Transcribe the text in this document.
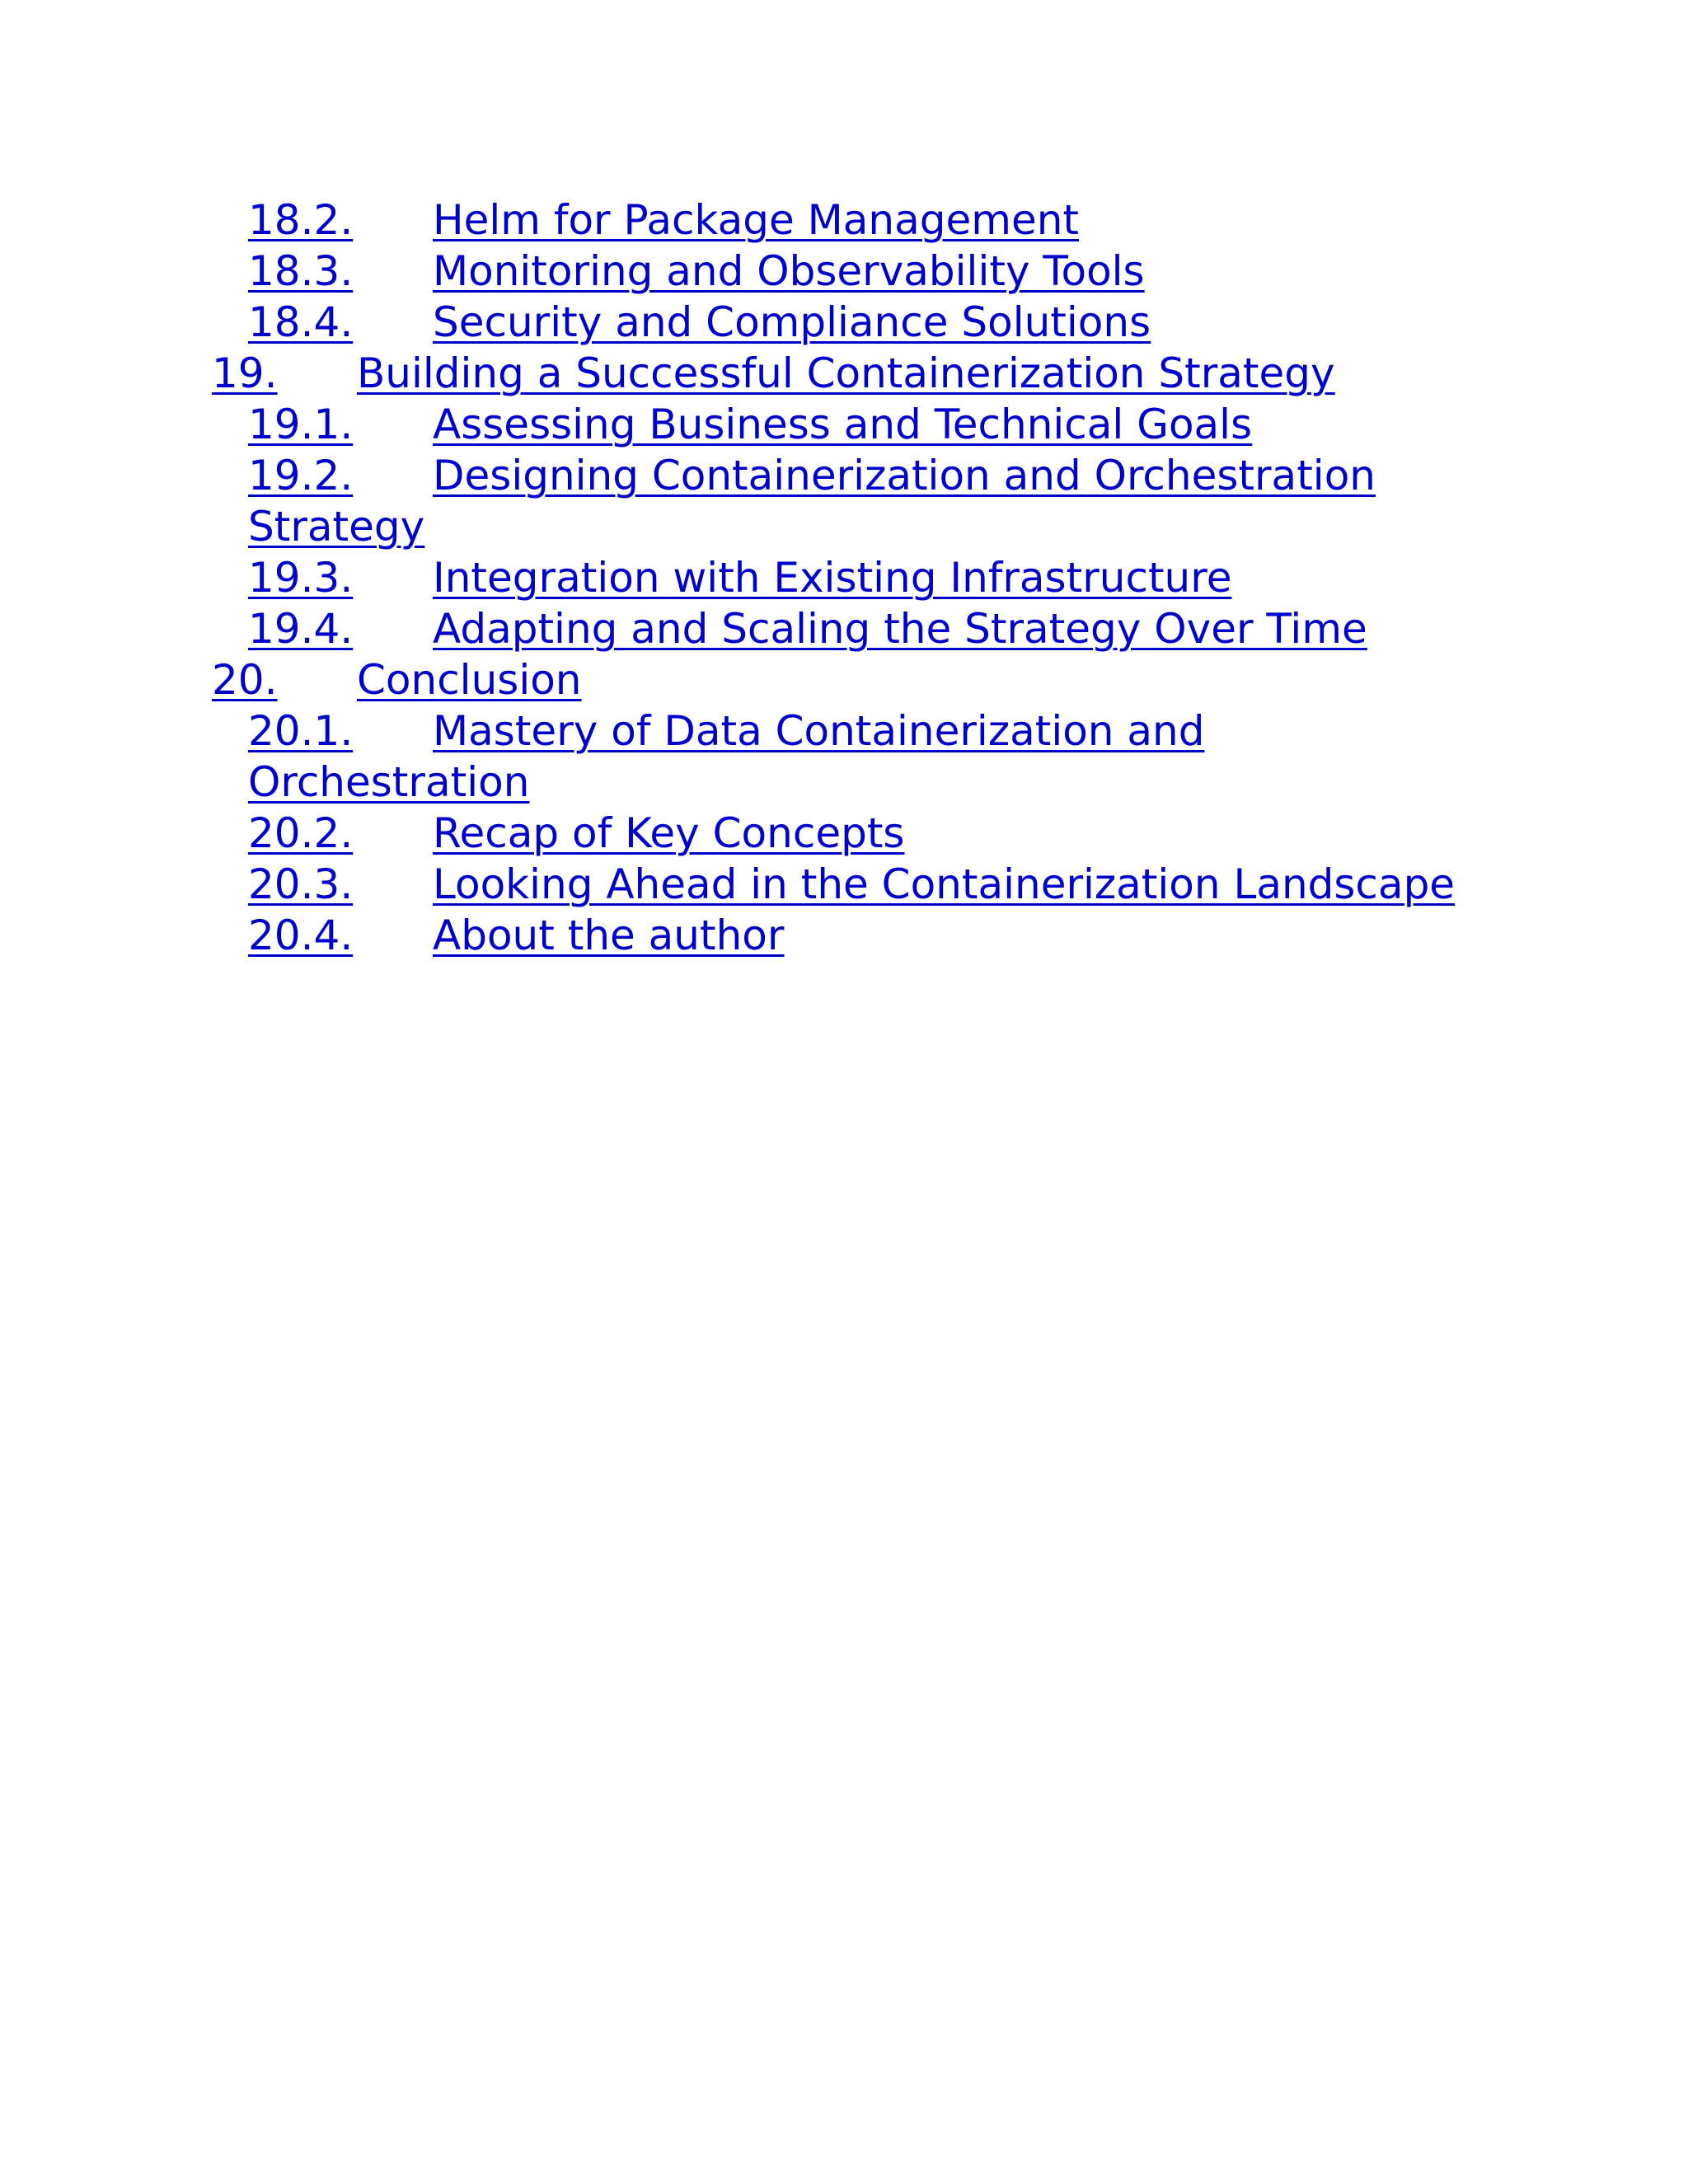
18.2. Helm for Package Management
18.3. Monitoring and Observability Tools
18.4. Security and Compliance Solutions
19. Building a Successful Containerization Strategy
19.1. Assessing Business and Technical Goals
19.2. Designing Containerization and Orchestration
Strategy
19.3. Integration with Existing Infrastructure
19.4. Adapting and Scaling the Strategy Over Time
20. Conclusion
20.1. Mastery of Data Containerization and
Orchestration
20.2. Recap of Key Concepts
20.3. Looking Ahead in the Containerization Landscape
20.4. About the author
